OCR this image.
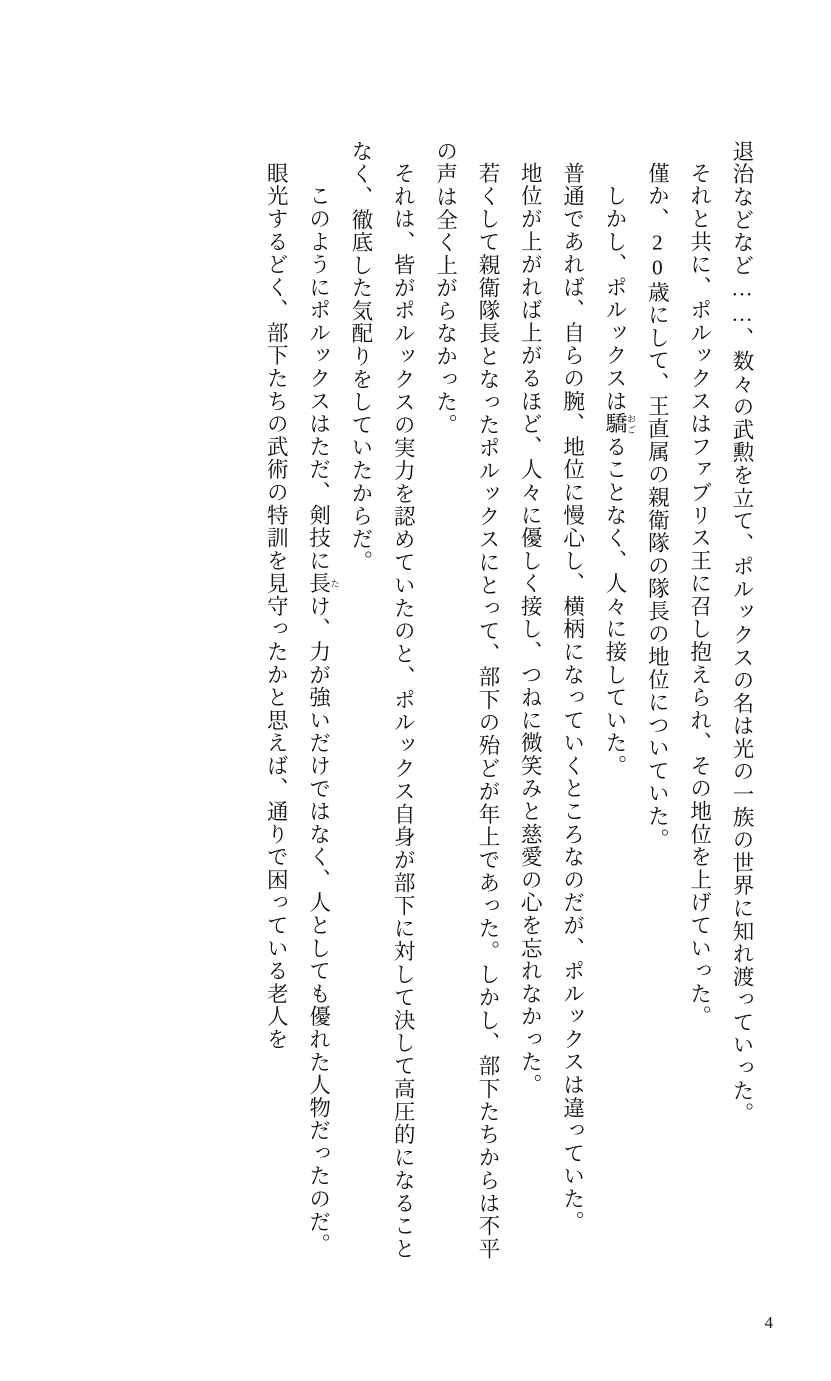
退治などなど……、数々の武勲を立て、ポルックスの名は光の一族の世界に知れ渡っていった。

それと共に、ポルックスはファブリス王に召し抱えられ、その地位を上げていった。

僅か、20歳にして、王直属の親衛隊の隊長の地位についていた。

　しかし、ポルックスは驕 おごることなく、人々に接していた。

普通であれば、自らの腕、地位に慢心し、横柄になっていくところなのだが、ポルックスは違っていた。

地位が上がれば上がるほど、人々に優しく接し、つねに微笑みと慈愛の心を忘れなかった。

若くして親衛隊長となったポルックスにとって、部下の殆どが年上であった。しかし、部下たちからは不平の声は全く上がらなかった。

それは、皆がポルックスの実力を認めていたのと、ポルックス自身が部下に対して決して高圧的になることなく、徹底した気配りをしていたからだ。

　このようにポルックスはただ、剣技に長 たけ、力が強いだけではなく、人としても優れた人物だったのだ。

眼光するどく、部下たちの武術の特訓を見守ったかと思えば、通りで困っている老人を

4
